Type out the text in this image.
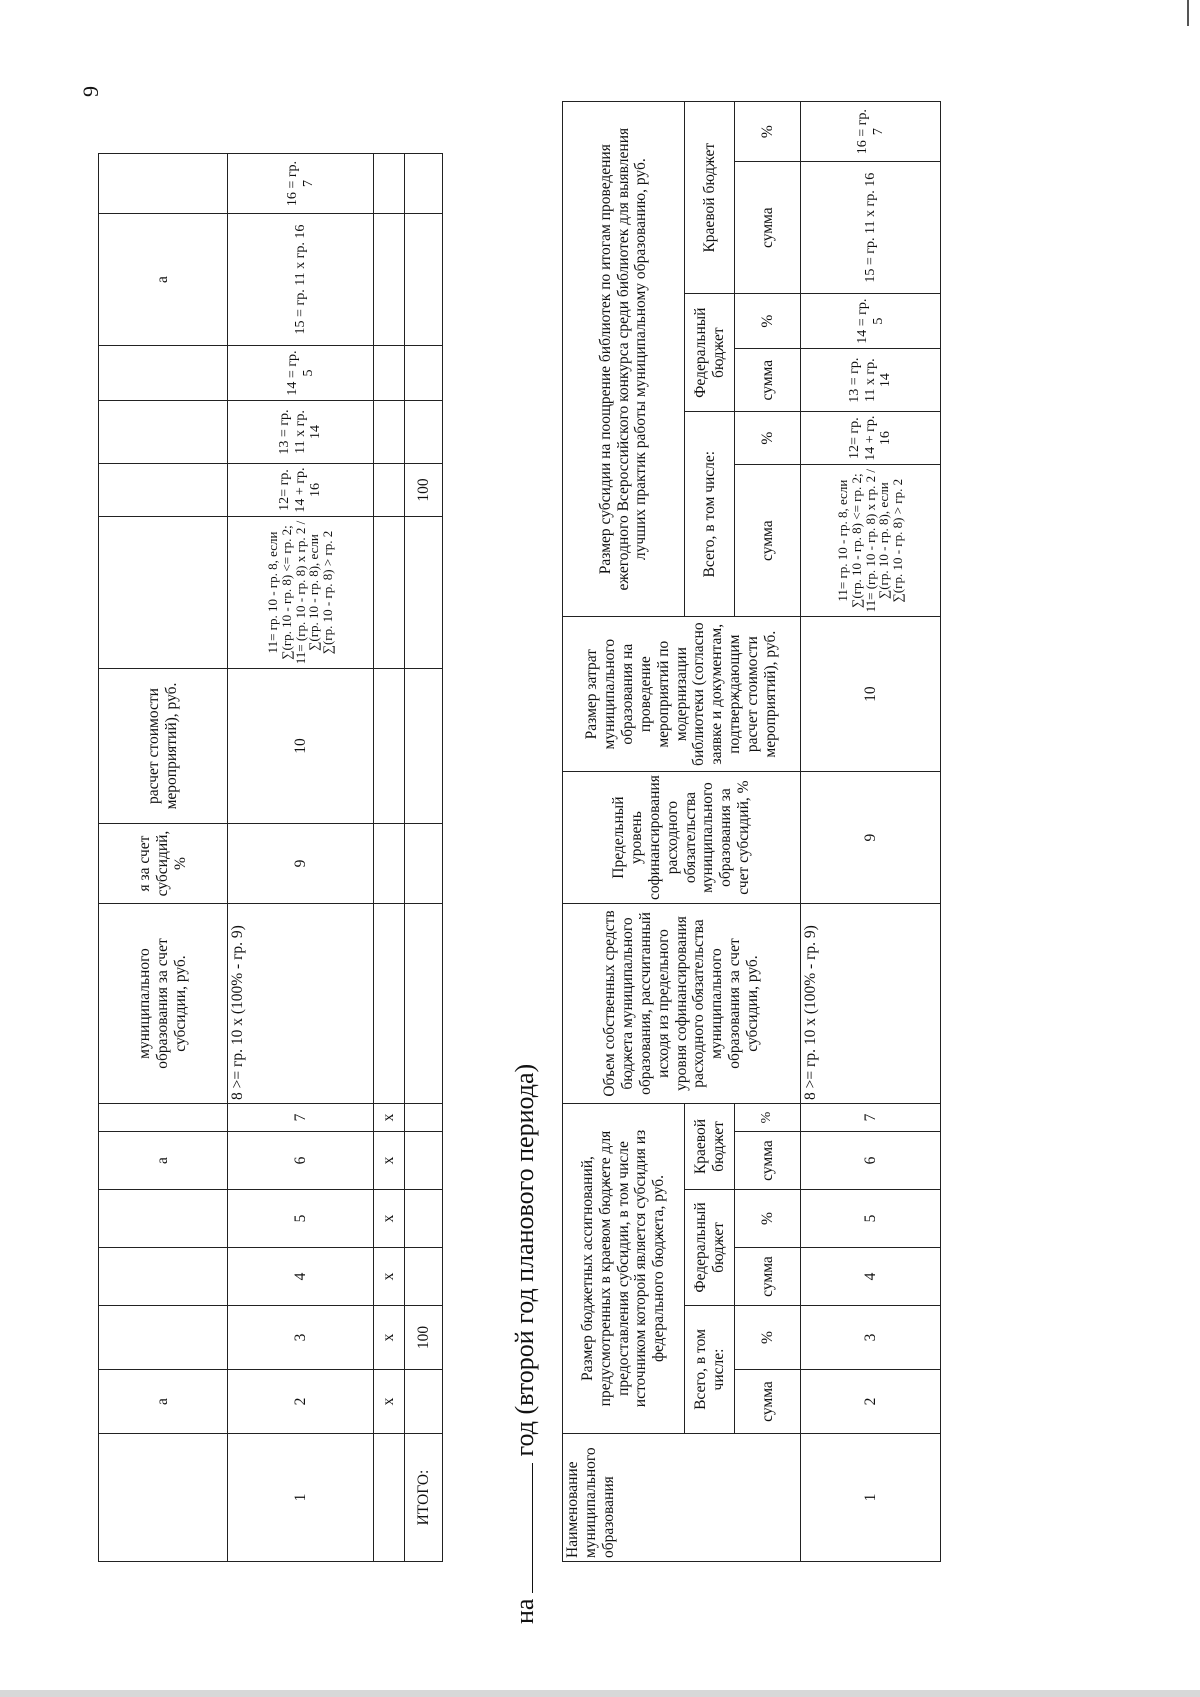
9
	а				а		муниципального образования за счет субсидии, руб.	я за счет субсидий, %	расчет стоимости мероприятий), руб.					а	
1	2	3	4	5	6	7	8 >= гр. 10 x (100% - гр. 9)	9	10	11= гр. 10 - гр. 8, если ∑(гр. 10 - гр. 8) <= гр. 2; 11= (гр. 10 - гр. 8) x гр. 2 / ∑(гр. 10 - гр. 8), если ∑(гр. 10 - гр. 8) > гр. 2	12= гр. 14 + гр. 16	13 = гр. 11 x гр. 14	14 = гр. 5	15 = гр. 11 x гр. 16	16 = гр. 7
	х	х	х	х	х	х									
ИТОГО:		100									100				
нагод (второй год планового периода)
Наименование муниципального образования	Размер бюджетных ассигнований, предусмотренных в краевом бюджете для предоставления субсидии, в том числе источником которой является субсидия из федерального бюджета, руб.						Объем собственных средств бюджета муниципального образования, рассчитанный исходя из предельного уровня софинансирования расходного обязательства муниципального образования за счет субсидии, руб.	Предельный уровень софинансирования расходного обязательства муниципального образования за счет субсидий, %	Размер затрат муниципального образования на проведение мероприятий по модернизации библиотеки (согласно заявке и документам, подтверждающим расчет стоимости мероприятий), руб.	Размер субсидии на поощрение библиотек по итогам проведения ежегодного Всероссийского конкурса среди библиотек для выявления лучших практик работы муниципальному образованию, руб.					
	Всего, в том числе:		Федеральный бюджет		Краевой бюджет					Всего, в том числе:		Федеральный бюджет		Краевой бюджет	
	сумма	%	сумма	%	сумма	%				сумма	%	сумма	%	сумма	%
1	2	3	4	5	6	7	8 >= гр. 10 x (100% - гр. 9)	9	10	11= гр. 10 - гр. 8, если ∑(гр. 10 - гр. 8) <= гр. 2; 11= (гр. 10 - гр. 8) x гр. 2 / ∑(гр. 10 - гр. 8), если ∑(гр. 10 - гр. 8) > гр. 2	12= гр. 14 + гр. 16	13 = гр. 11 x гр. 14	14 = гр. 5	15 = гр. 11 x гр. 16	16 = гр. 7
